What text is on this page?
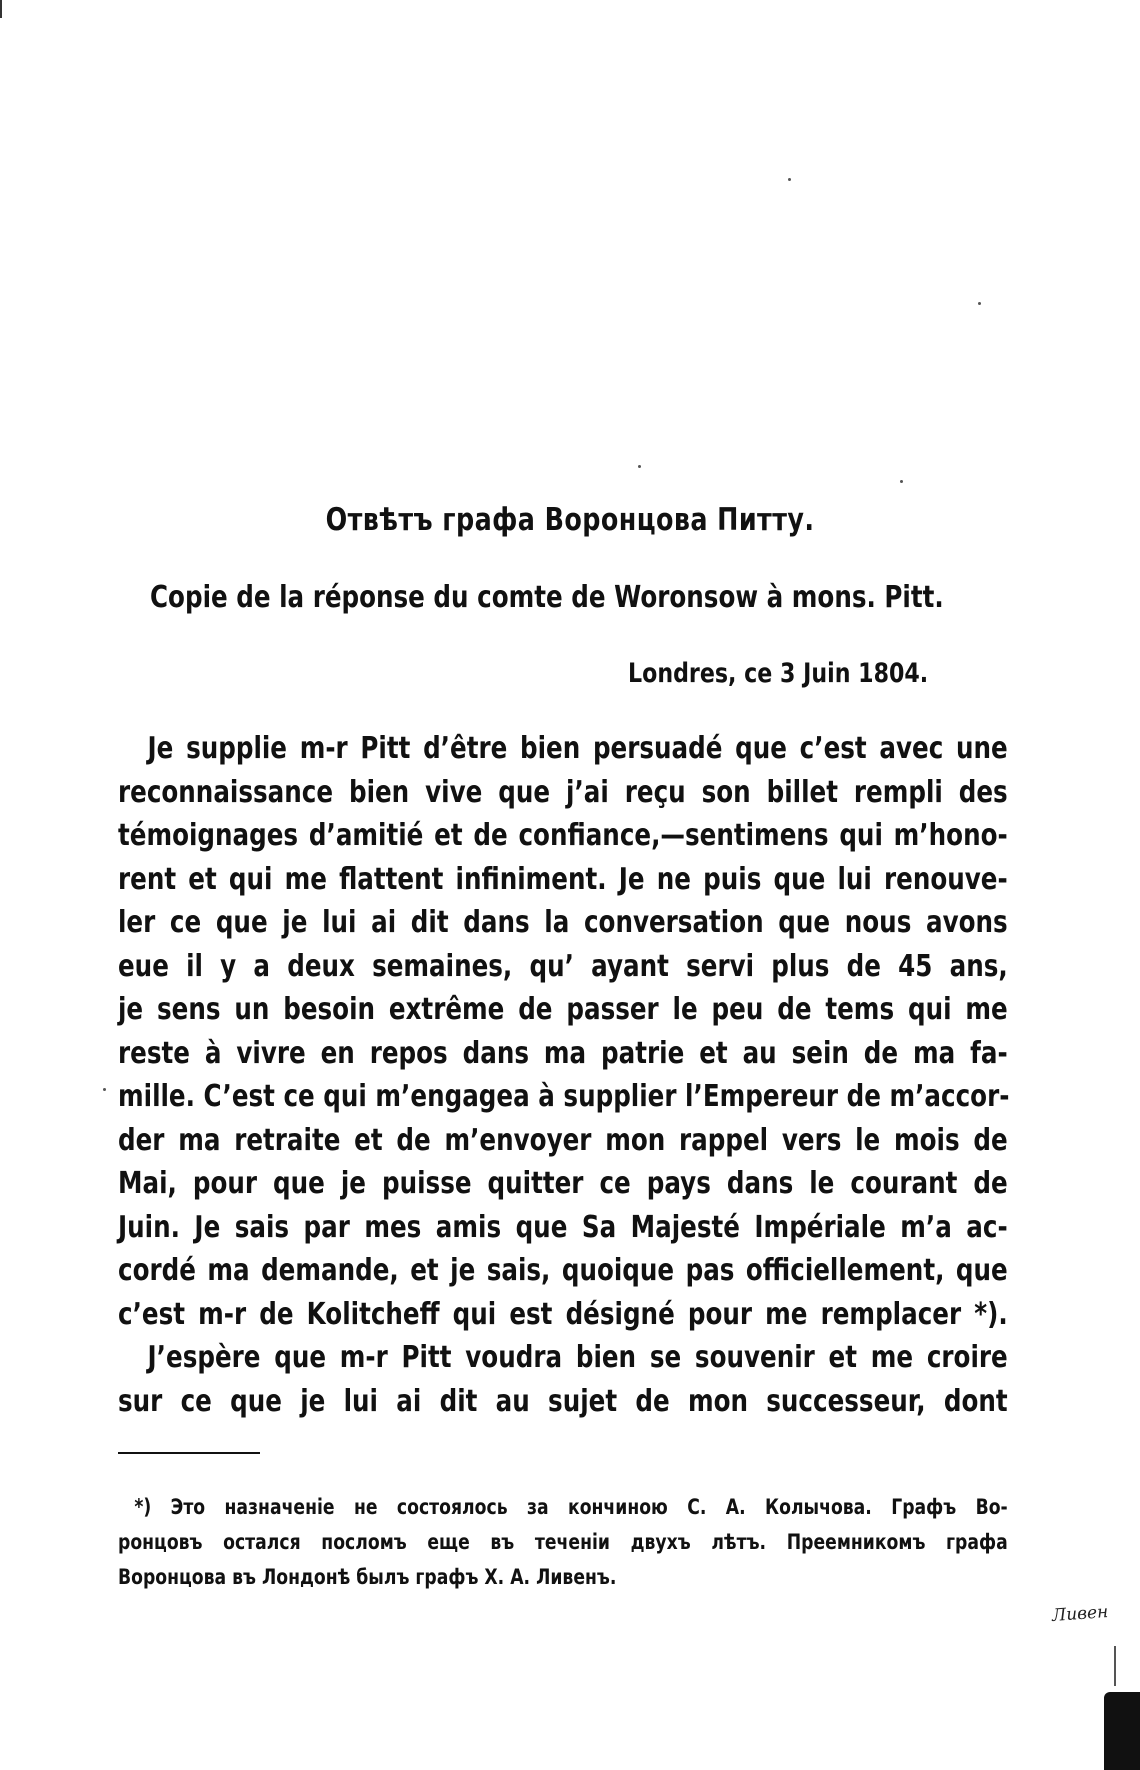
Отвѣтъ графа Воронцова Питту.
Copie de la réponse du comte de Woronsow à mons. Pitt.
Londres, ce 3 Juin 1804.
Je supplie m-r Pitt d’être bien persuadé que c’est avec une
reconnaissance bien vive que j’ai reçu son billet rempli des
témoignages d’amitié et de confiance,—sentimens qui m’hono-
rent et qui me flattent infiniment. Je ne puis que lui renouve-
ler ce que je lui ai dit dans la conversation que nous avons
eue il y a deux semaines, qu’ ayant servi plus de 45 ans,
je sens un besoin extrême de passer le peu de tems qui me
reste à vivre en repos dans ma patrie et au sein de ma fa-
mille. C’est ce qui m’engagea à supplier l’Empereur de m’accor-
der ma retraite et de m’envoyer mon rappel vers le mois de
Mai, pour que je puisse quitter ce pays dans le courant de
Juin. Je sais par mes amis que Sa Majesté Impériale m’a ac-
cordé ma demande, et je sais, quoique pas officiellement, que
c’est m-r de Kolitcheff qui est désigné pour me remplacer *).
J’espère que m-r Pitt voudra bien se souvenir et me croire
sur ce que je lui ai dit au sujet de mon successeur, dont
*) Это назначеніе не состоялось за кончиною С. А. Колычова. Графъ Во-
ронцовъ остался посломъ еще въ теченіи двухъ лѣтъ. Преемникомъ графа
Воронцова въ Лондонѣ былъ графъ Х. А. Ливенъ.
Ливен
